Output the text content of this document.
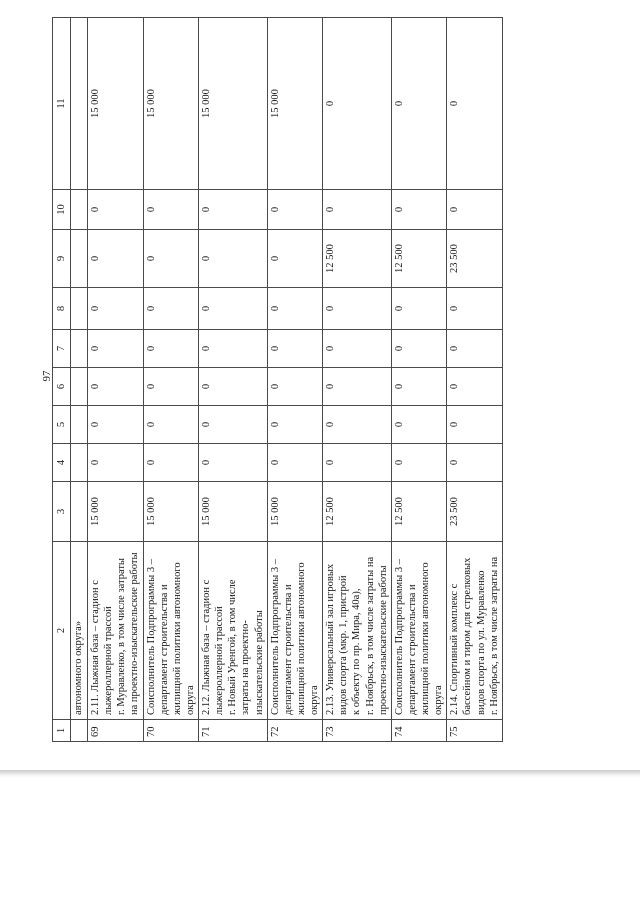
97
1	2	3	4	5	6	7	8	9	10	11
	автономного округа»									
69	2.11. Лыжная база – стадион с лыжероллерной трассой г. Муравленко, в том числе затраты на проектно-изыскательские работы	15 000	0	0	0	0	0	0	0	15 000
70	Соисполнитель Подпрограммы 3 – департамент строительства и жилищной политики автономного округа	15 000	0	0	0	0	0	0	0	15 000
71	2.12. Лыжная база – стадион с лыжероллерной трассой г. Новый Уренгой, в том числе затраты на проектно- изыскательские работы	15 000	0	0	0	0	0	0	0	15 000
72	Соисполнитель Подпрограммы 3 – департамент строительства и жилищной политики автономного округа	15 000	0	0	0	0	0	0	0	15 000
73	2.13. Универсальный зал игровых видов спорта (мкр. 1, пристрой к объекту по пр. Мира, 40а), г. Ноябрьск, в том числе затраты на проектно-изыскательские работы	12 500	0	0	0	0	0	12 500	0	0
74	Соисполнитель Подпрограммы 3 – департамент строительства и жилищной политики автономного округа	12 500	0	0	0	0	0	12 500	0	0
75	2.14. Спортивный комплекс с бассейном и тиром для стрелковых видов спорта по ул. Муравленко г. Ноябрьск, в том числе затраты на	23 500	0	0	0	0	0	23 500	0	0
